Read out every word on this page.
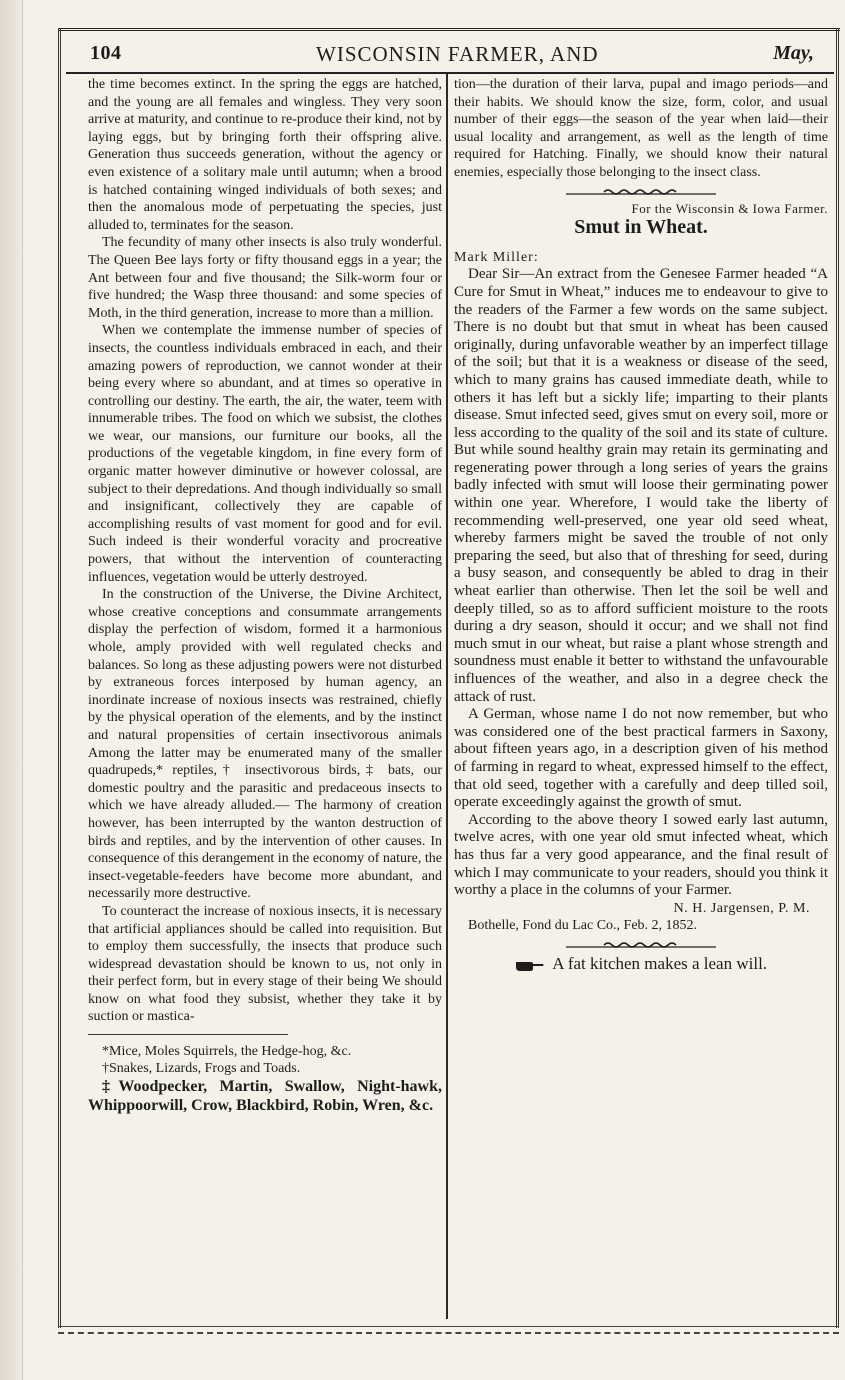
104	WISCONSIN FARMER, AND	May,

the time becomes extinct. In the spring the eggs are hatched, and the young are all females and wingless. They very soon arrive at maturity, and continue to re-produce their kind, not by laying eggs, but by bringing forth their offspring alive. Generation thus succeeds generation, without the agency or even existence of a solitary male until autumn; when a brood is hatched containing winged individuals of both sexes; and then the anomalous mode of perpetuating the species, just alluded to, terminates for the season.

The fecundity of many other insects is also truly wonderful. The Queen Bee lays forty or fifty thousand eggs in a year; the Ant between four and five thousand; the Silk-worm four or five hundred; the Wasp three thousand: and some species of Moth, in the third generation, increase to more than a million.

When we contemplate the immense number of species of insects, the countless individuals embraced in each, and their amazing powers of reproduction, we cannot wonder at their being every where so abundant, and at times so operative in controlling our destiny. The earth, the air, the water, teem with innumerable tribes. The food on which we subsist, the clothes we wear, our mansions, our furniture our books, all the productions of the vegetable kingdom, in fine every form of organic matter however diminutive or however colossal, are subject to their depredations. And though individually so small and insignificant, collectively they are capable of accomplishing results of vast moment for good and for evil. Such indeed is their wonderful voracity and procreative powers, that without the intervention of counteracting influences, vegetation would be utterly destroyed.

In the construction of the Universe, the Divine Architect, whose creative conceptions and consummate arrangements display the perfection of wisdom, formed it a harmonious whole, amply provided with well regulated checks and balances. So long as these adjusting powers were not disturbed by extraneous forces interposed by human agency, an inordinate increase of noxious insects was restrained, chiefly by the physical operation of the elements, and by the instinct and natural propensities of certain insectivorous animals Among the latter may be enumerated many of the smaller quadrupeds,* reptiles,† insectivorous birds,‡ bats, our domestic poultry and the parasitic and predaceous insects to which we have already alluded.— The harmony of creation however, has been interrupted by the wanton destruction of birds and reptiles, and by the intervention of other causes. In consequence of this derangement in the economy of nature, the insect-vegetable-feeders have become more abundant, and necessarily more destructive.

To counteract the increase of noxious insects, it is necessary that artificial appliances should be called into requisition. But to employ them successfully, the insects that produce such widespread devastation should be known to us, not only in their perfect form, but in every stage of their being We should know on what food they subsist, whether they take it by suction or mastica-

*Mice, Moles Squirrels, the Hedge-hog, &c.

†Snakes, Lizards, Frogs and Toads.

‡Woodpecker, Martin, Swallow, Night-hawk, Whippoorwill, Crow, Blackbird, Robin, Wren, &c.

tion—the duration of their larva, pupal and imago periods—and their habits. We should know the size, form, color, and usual number of their eggs—the season of the year when laid—their usual locality and arrangement, as well as the length of time required for Hatching. Finally, we should know their natural enemies, especially those belonging to the insect class.

For the Wisconsin & Iowa Farmer.
Smut in Wheat.

Mark Miller:

Dear Sir—An extract from the Genesee Farmer headed “A Cure for Smut in Wheat,” induces me to endeavour to give to the readers of the Farmer a few words on the same subject. There is no doubt but that smut in wheat has been caused originally, during unfavorable weather by an imperfect tillage of the soil; but that it is a weakness or disease of the seed, which to many grains has caused immediate death, while to others it has left but a sickly life; imparting to their plants disease. Smut infected seed, gives smut on every soil, more or less according to the quality of the soil and its state of culture. But while sound healthy grain may retain its germinating and regenerating power through a long series of years the grains badly infected with smut will loose their germinating power within one year. Wherefore, I would take the liberty of recommending well-preserved, one year old seed wheat, whereby farmers might be saved the trouble of not only preparing the seed, but also that of threshing for seed, during a busy season, and consequently be abled to drag in their wheat earlier than otherwise. Then let the soil be well and deeply tilled, so as to afford sufficient moisture to the roots during a dry season, should it occur; and we shall not find much smut in our wheat, but raise a plant whose strength and soundness must enable it better to withstand the unfavourable influences of the weather, and also in a degree check the attack of rust.

A German, whose name I do not now remember, but who was considered one of the best practical farmers in Saxony, about fifteen years ago, in a description given of his method of farming in regard to wheat, expressed himself to the effect, that old seed, together with a carefully and deep tilled soil, operate exceedingly against the growth of smut.

According to the above theory I sowed early last autumn, twelve acres, with one year old smut infected wheat, which has thus far a very good appearance, and the final result of which I may communicate to your readers, should you think it worthy a place in the columns of your Farmer.

N. H. Jargensen, P. M.
Bothelle, Fond du Lac Co., Feb. 2, 1852.
A fat kitchen makes a lean will.
